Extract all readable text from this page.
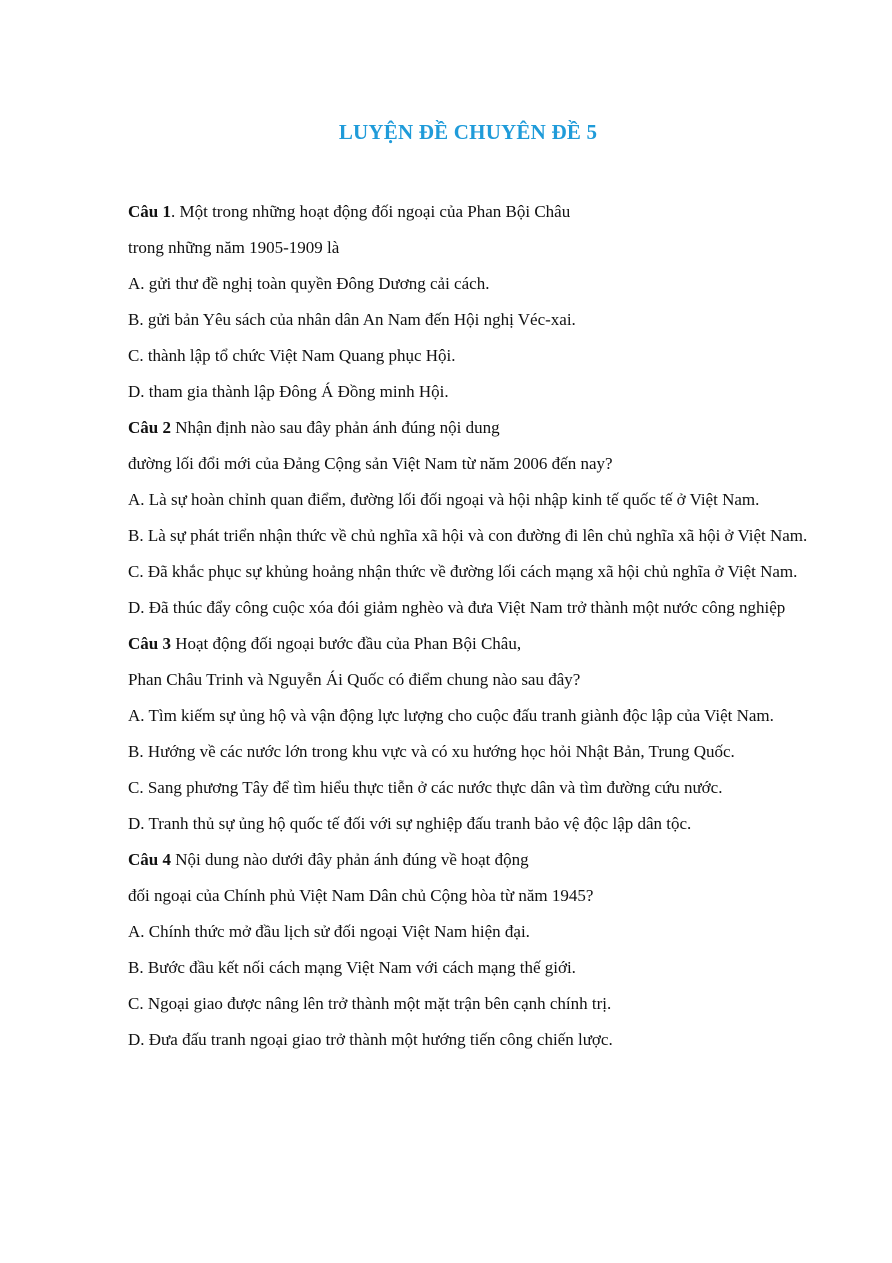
LUYỆN ĐỀ CHUYÊN ĐỀ 5
Câu 1. Một trong những hoạt động đối ngoại của Phan Bội Châu
trong những năm 1905-1909 là
A. gửi thư đề nghị toàn quyền Đông Dương cải cách.
B. gửi bản Yêu sách của nhân dân An Nam đến Hội nghị Véc-xai.
C. thành lập tổ chức Việt Nam Quang phục Hội.
D. tham gia thành lập Đông Á Đồng minh Hội.
Câu 2 Nhận định nào sau đây phản ánh đúng nội dung
đường lối đổi mới của Đảng Cộng sản Việt Nam từ năm 2006 đến nay?
A. Là sự hoàn chỉnh quan điểm, đường lối đối ngoại và hội nhập kinh tế quốc tế ở Việt Nam.
B. Là sự phát triển nhận thức về chủ nghĩa xã hội và con đường đi lên chủ nghĩa xã hội ở Việt Nam.
C. Đã khắc phục sự khủng hoảng nhận thức về đường lối cách mạng xã hội chủ nghĩa ở Việt Nam.
D. Đã thúc đẩy công cuộc xóa đói giảm nghèo và đưa Việt Nam trở thành một nước công nghiệp
Câu 3 Hoạt động đối ngoại bước đầu của Phan Bội Châu,
Phan Châu Trinh và Nguyễn Ái Quốc có điểm chung nào sau đây?
A. Tìm kiếm sự ủng hộ và vận động lực lượng cho cuộc đấu tranh giành độc lập của Việt Nam.
B. Hướng về các nước lớn trong khu vực và có xu hướng học hỏi Nhật Bản, Trung Quốc.
C. Sang phương Tây để tìm hiểu thực tiễn ở các nước thực dân và tìm đường cứu nước.
D. Tranh thủ sự ủng hộ quốc tế đối với sự nghiệp đấu tranh bảo vệ độc lập dân tộc.
Câu 4 Nội dung nào dưới đây phản ánh đúng về hoạt động
đối ngoại của Chính phủ Việt Nam Dân chủ Cộng hòa từ năm 1945?
A. Chính thức mở đầu lịch sử đối ngoại Việt Nam hiện đại.
B. Bước đầu kết nối cách mạng Việt Nam với cách mạng thế giới.
C. Ngoại giao được nâng lên trở thành một mặt trận bên cạnh chính trị.
D. Đưa đấu tranh ngoại giao trở thành một hướng tiến công chiến lược.
